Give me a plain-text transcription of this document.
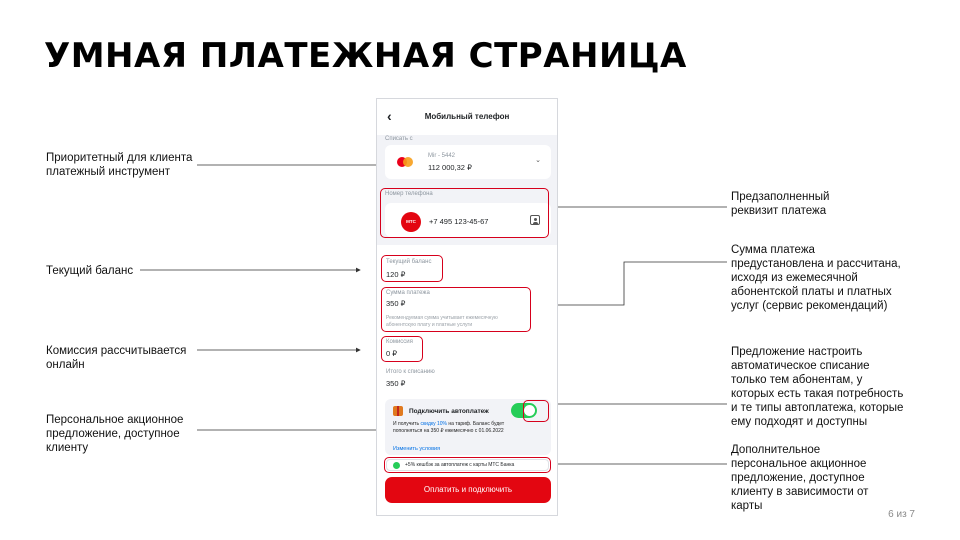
УМНАЯ ПЛАТЕЖНАЯ СТРАНИЦА
Приоритетный для клиента платежный инструмент
Текущий баланс
Комиссия рассчитывается онлайн
Персональное акционное предложение, доступное клиенту
Предзаполненный реквизит платежа
Сумма платежа предустановлена и рассчитана, исходя из ежемесячной абонентской платы и платных услуг (сервис рекомендаций)
Предложение настроить автоматическое списание только тем абонентам, у которых есть такая потребность и те типы автоплатежа, которые ему подходят и доступны
Дополнительное персональное акционное предложение, доступное клиенту в зависимости от карты
6 из 7
‹	Мобильный телефон
Списать с
Mir - 5442
112 000,32 ₽
⌄
Номер телефона
МТС	+7 495 123-45-67
Текущий баланс
120 ₽
Сумма платежа
350 ₽
Рекомендуемая сумма учитывает ежемесячную абонентскую плату и платные услуги
Комиссия
0 ₽
Итого к списанию
350 ₽
Подключить автоплатеж
И получить скидку 10% на тариф. Баланс будет пополняться на 350 ₽ ежемесячно с 01.06.2022
Изменить условия
+5% кешбэк за автоплатеж с карты МТС Банка
Оплатить и подключить
